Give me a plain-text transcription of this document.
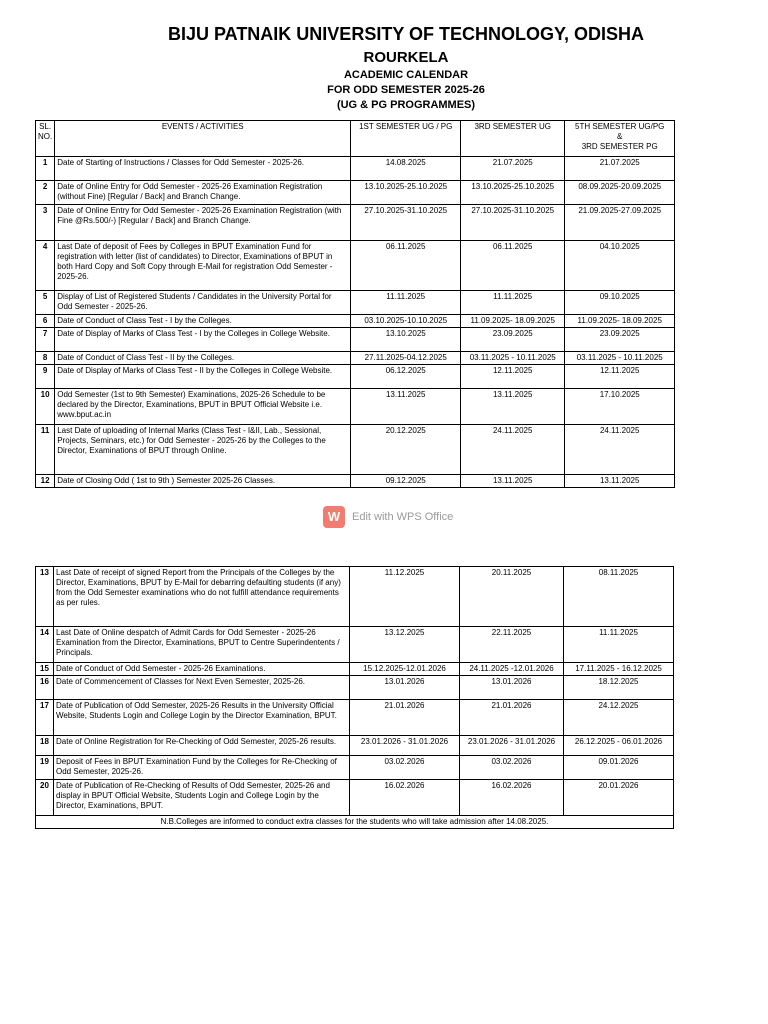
BIJU PATNAIK UNIVERSITY OF TECHNOLOGY, ODISHA
ROURKELA
ACADEMIC CALENDAR
FOR ODD SEMESTER 2025-26
(UG & PG PROGRAMMES)
SL. NO.	EVENTS / ACTIVITIES	1ST SEMESTER UG / PG	3RD SEMESTER UG	5TH SEMESTER UG/PG
&
3RD SEMESTER PG

1	Date of Starting of Instructions / Classes for Odd Semester - 2025-26.	14.08.2025	21.07.2025	21.07.2025
2	Date of Online Entry for Odd Semester - 2025-26 Examination Registration (without Fine) [Regular / Back] and Branch Change.	13.10.2025-25.10.2025	13.10.2025-25.10.2025	08.09.2025-20.09.2025
3	Date of Online Entry for Odd Semester - 2025-26 Examination Registration (with Fine @Rs.500/-) [Regular / Back] and Branch Change.	27.10.2025-31.10.2025	27.10.2025-31.10.2025	21.09.2025-27.09.2025
4	Last Date of deposit of Fees by Colleges in BPUT Examination Fund for registration with letter (list of candidates) to Director, Examinations of BPUT in both Hard Copy and Soft Copy through E-Mail for registration Odd Semester - 2025-26.	06.11.2025	06.11.2025	04.10.2025
5	Display of List of Registered Students / Candidates in the University Portal for Odd Semester - 2025-26.	11.11.2025	11.11.2025	09.10.2025
6	Date of Conduct of Class Test - I by the Colleges.	03.10.2025-10.10.2025	11.09.2025- 18.09.2025	11.09.2025- 18.09.2025
7	Date of Display of Marks of Class Test - I by the Colleges in College Website.	13.10.2025	23.09.2025	23.09.2025
8	Date of Conduct of Class Test - II by the Colleges.	27.11.2025-04.12.2025	03.11.2025 - 10.11.2025	03.11.2025 - 10.11.2025
9	Date of Display of Marks of Class Test - II by the Colleges in College Website.	06.12.2025	12.11.2025	12.11.2025
10	Odd Semester (1st to 9th Semester) Examinations, 2025-26 Schedule to be declared by the Director, Examinations, BPUT in BPUT Official Website i.e. www.bput.ac.in	13.11.2025	13.11.2025	17.10.2025
11	Last Date of uploading of Internal Marks (Class Test - I&II, Lab., Sessional, Projects, Seminars, etc.) for Odd Semester - 2025-26 by the Colleges to the Director, Examinations of BPUT through Online.	20.12.2025	24.11.2025	24.11.2025
12	Date of Closing Odd ( 1st to 9th ) Semester 2025-26 Classes.	09.12.2025	13.11.2025	13.11.2025
W	Edit with WPS Office
13	Last Date of receipt of signed Report from the Principals of the Colleges by the Director, Examinations, BPUT by E-Mail for debarring defaulting students (if any) from the Odd Semester examinations who do not fulfill attendance requirements as per rules.	11.12.2025	20.11.2025	08.11.2025
14	Last Date of Online despatch of Admit Cards for Odd Semester - 2025-26 Examination from the Director, Examinations, BPUT to Centre Superindentents / Principals.	13.12.2025	22.11.2025	11.11.2025
15	Date of Conduct of Odd Semester - 2025-26 Examinations.	15.12.2025-12.01.2026	24.11.2025 -12.01.2026	17.11.2025 - 16.12.2025
16	Date of Commencement of Classes for Next Even Semester, 2025-26.	13.01.2026	13.01.2026	18.12.2025
17	Date of Publication of Odd Semester, 2025-26 Results in the University Official Website, Students Login and College Login by the Director Examination, BPUT.	21.01.2026	21.01.2026	24.12.2025
18	Date of Online Registration for Re-Checking of Odd Semester, 2025-26 results.	23.01.2026 - 31.01.2026	23.01.2026 - 31.01.2026	26.12.2025 - 06.01.2026
19	Deposit of Fees in BPUT Examination Fund by the Colleges for Re-Checking of Odd Semester, 2025-26.	03.02.2026	03.02.2026	09.01.2026
20	Date of Publication of Re-Checking of Results of Odd Semester, 2025-26 and display in BPUT Official Website, Students Login and College Login by the Director, Examinations, BPUT.	16.02.2026	16.02.2026	20.01.2026
N.B.Colleges are informed to conduct extra classes for the students who will take admission after 14.08.2025.				
